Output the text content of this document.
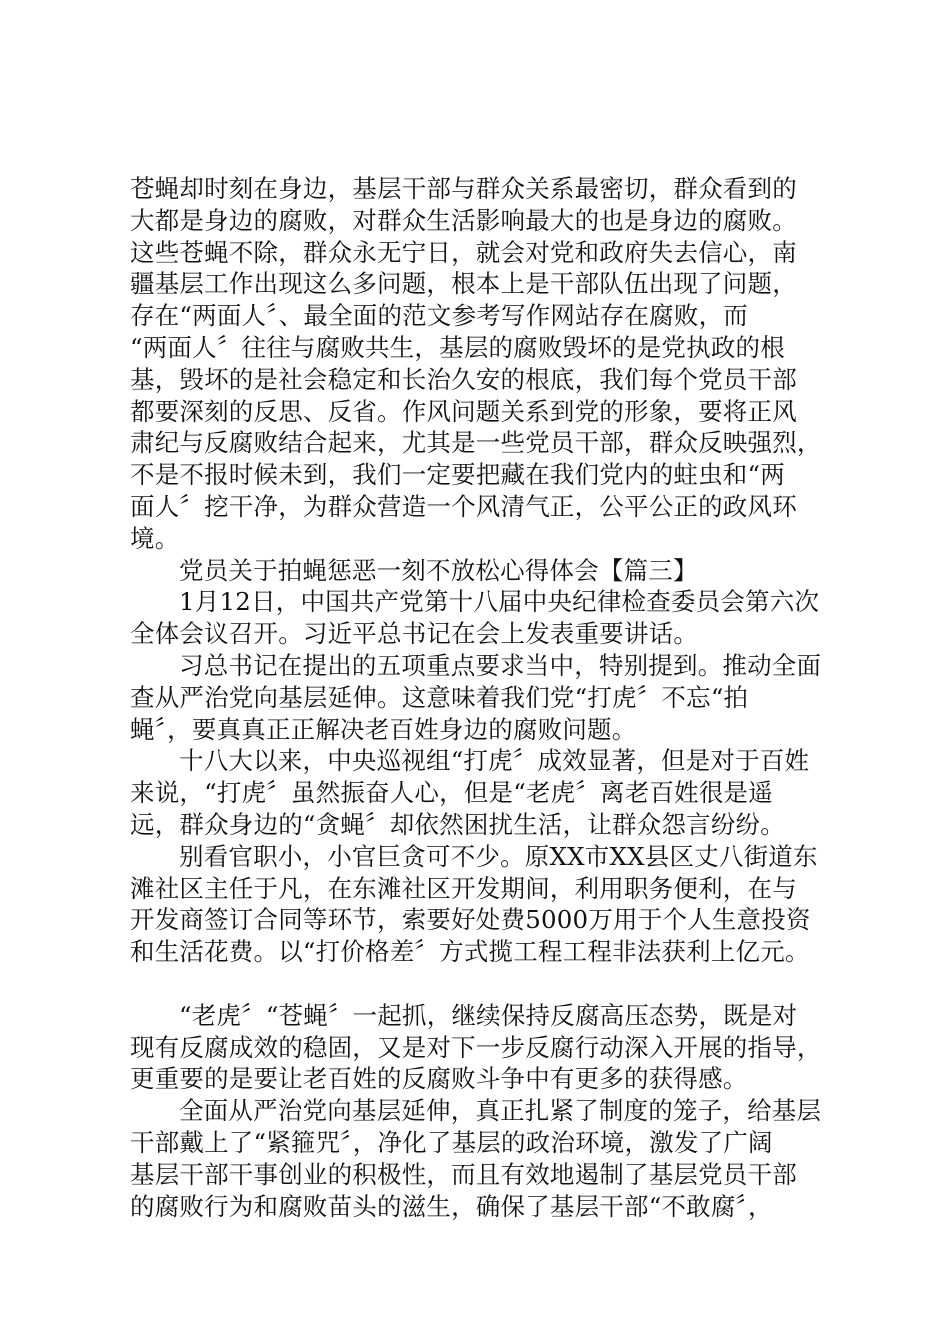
苍蝇却时刻在身边，基层干部与群众关系最密切，群众看到的
大都是身边的腐败，对群众生活影响最大的也是身边的腐败。
这些苍蝇不除，群众永无宁日，就会对党和政府失去信心，南
疆基层工作出现这么多问题，根本上是干部队伍出现了问题，
存在“两面人〞、最全面的范文参考写作网站存在腐败，而
“两面人〞往往与腐败共生，基层的腐败毁坏的是党执政的根
基，毁坏的是社会稳定和长治久安的根底，我们每个党员干部
都要深刻的反思、反省。作风问题关系到党的形象，要将正风
肃纪与反腐败结合起来，尤其是一些党员干部，群众反映强烈，
不是不报时候未到，我们一定要把藏在我们党内的蛀虫和“两
面人〞挖干净，为群众营造一个风清气正，公平公正的政风环
境。
党员关于拍蝇惩恶一刻不放松心得体会【篇三】
1月12日，中国共产党第十八届中央纪律检查委员会第六次
全体会议召开。习近平总书记在会上发表重要讲话。
习总书记在提出的五项重点要求当中，特别提到。推动全面
查从严治党向基层延伸。这意味着我们党“打虎〞不忘“拍
蝇〞，要真真正正解决老百姓身边的腐败问题。
十八大以来，中央巡视组“打虎〞成效显著，但是对于百姓
来说，“打虎〞虽然振奋人心，但是“老虎〞离老百姓很是遥
远，群众身边的“贪蝇〞却依然困扰生活，让群众怨言纷纷。
别看官职小，小官巨贪可不少。原XX市XX县区丈八街道东
滩社区主任于凡，在东滩社区开发期间，利用职务便利，在与
开发商签订合同等环节，索要好处费5000万用于个人生意投资
和生活花费。以“打价格差〞方式揽工程工程非法获利上亿元。
“老虎〞“苍蝇〞一起抓，继续保持反腐高压态势，既是对
现有反腐成效的稳固，又是对下一步反腐行动深入开展的指导，
更重要的是要让老百姓的反腐败斗争中有更多的获得感。
全面从严治党向基层延伸，真正扎紧了制度的笼子，给基层
干部戴上了“紧箍咒〞，净化了基层的政治环境，激发了广阔
基层干部干事创业的积极性，而且有效地遏制了基层党员干部
的腐败行为和腐败苗头的滋生，确保了基层干部“不敢腐〞，
